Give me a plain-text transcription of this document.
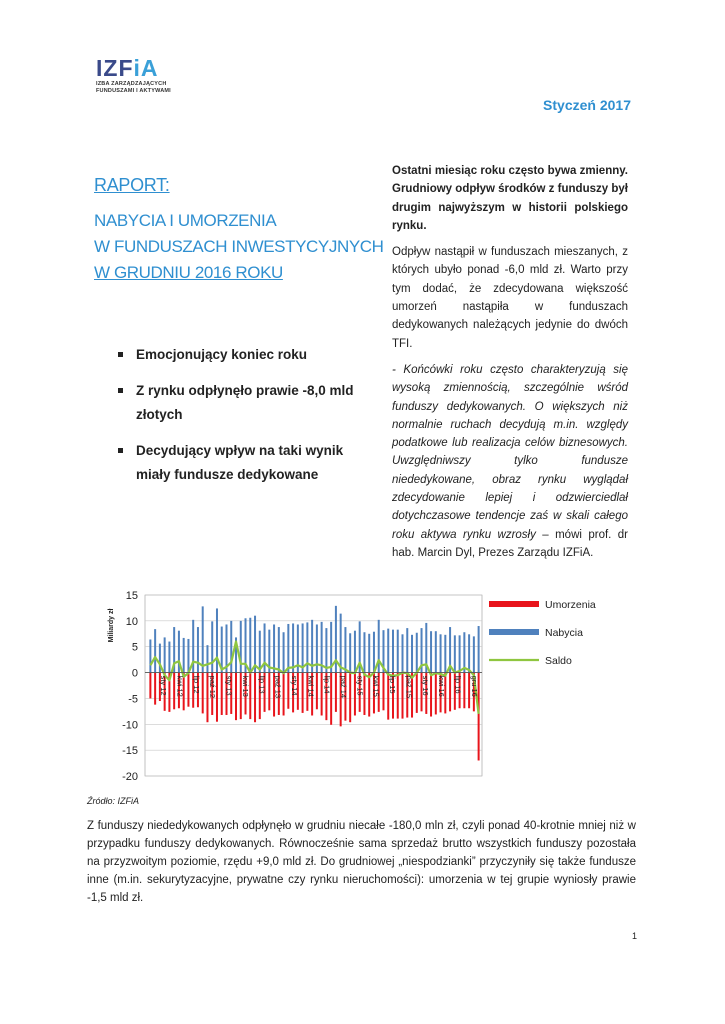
IZFiA
IZBA ZARZĄDZAJĄCYCH
FUNDUSZAMI I AKTYWAMI
Styczeń 2017

RAPORT:

NABYCIA I UMORZENIA

W FUNDUSZACH INWESTYCYJNYCH

W GRUDNIU 2016 ROKU

Emocjonujący koniec roku
Z rynku odpłynęło prawie -8,0 mld złotych
Decydujący wpływ na taki wynik miały fundusze dedykowane

Ostatni miesiąc roku często bywa zmienny. Grudniowy odpływ środków z funduszy był drugim najwyższym w historii polskiego rynku.

Odpływ nastąpił w funduszach mieszanych, z których ubyło ponad -6,0 mld zł. Warto przy tym dodać, że zdecydowana większość umorzeń nastąpiła w funduszach dedykowanych należących jedynie do dwóch TFI.

- Końcówki roku często charakteryzują się wysoką zmiennością, szczególnie wśród funduszy dedykowanych. O większych niż normalnie ruchach decydują m.in. względy podatkowe lub realizacja celów biznesowych. Uwzględniwszy tylko fundusze niededykowane, obraz rynku wyglądał zdecydowanie lepiej i odzwierciedlał dotychczasowe tendencje zaś w skali całego roku aktywa rynku wzrosły – mówi prof. dr hab. Marcin Dyl, Prezes Zarządu IZFiA.

-20
-15
-10
-5
0
5
10
15
Miliardy zł
sty 12 kwi 12 lip 12 paź 12 sty 13 kwi 13 lip 13 paź 13 sty 14 kwi 14 lip 14 paź 14 sty 15 kwi 15 lip 15 paź 15 sty 16 kwi 16 lip 16 gru 16
Umorzenia
Nabycia
Saldo
Źródło: IZFiA

Z funduszy niededykowanych odpłynęło w grudniu niecałe -180,0 mln zł, czyli ponad 40-krotnie mniej niż w przypadku funduszy dedykowanych. Równocześnie sama sprzedaż brutto wszystkich funduszy pozostała na przyzwoitym poziomie, rzędu +9,0 mld zł. Do grudniowej „niespodzianki” przyczyniły się także fundusze inne (m.in. sekurytyzacyjne, prywatne czy rynku nieruchomości): umorzenia w tej grupie wyniosły prawie -1,5 mld zł.

1
